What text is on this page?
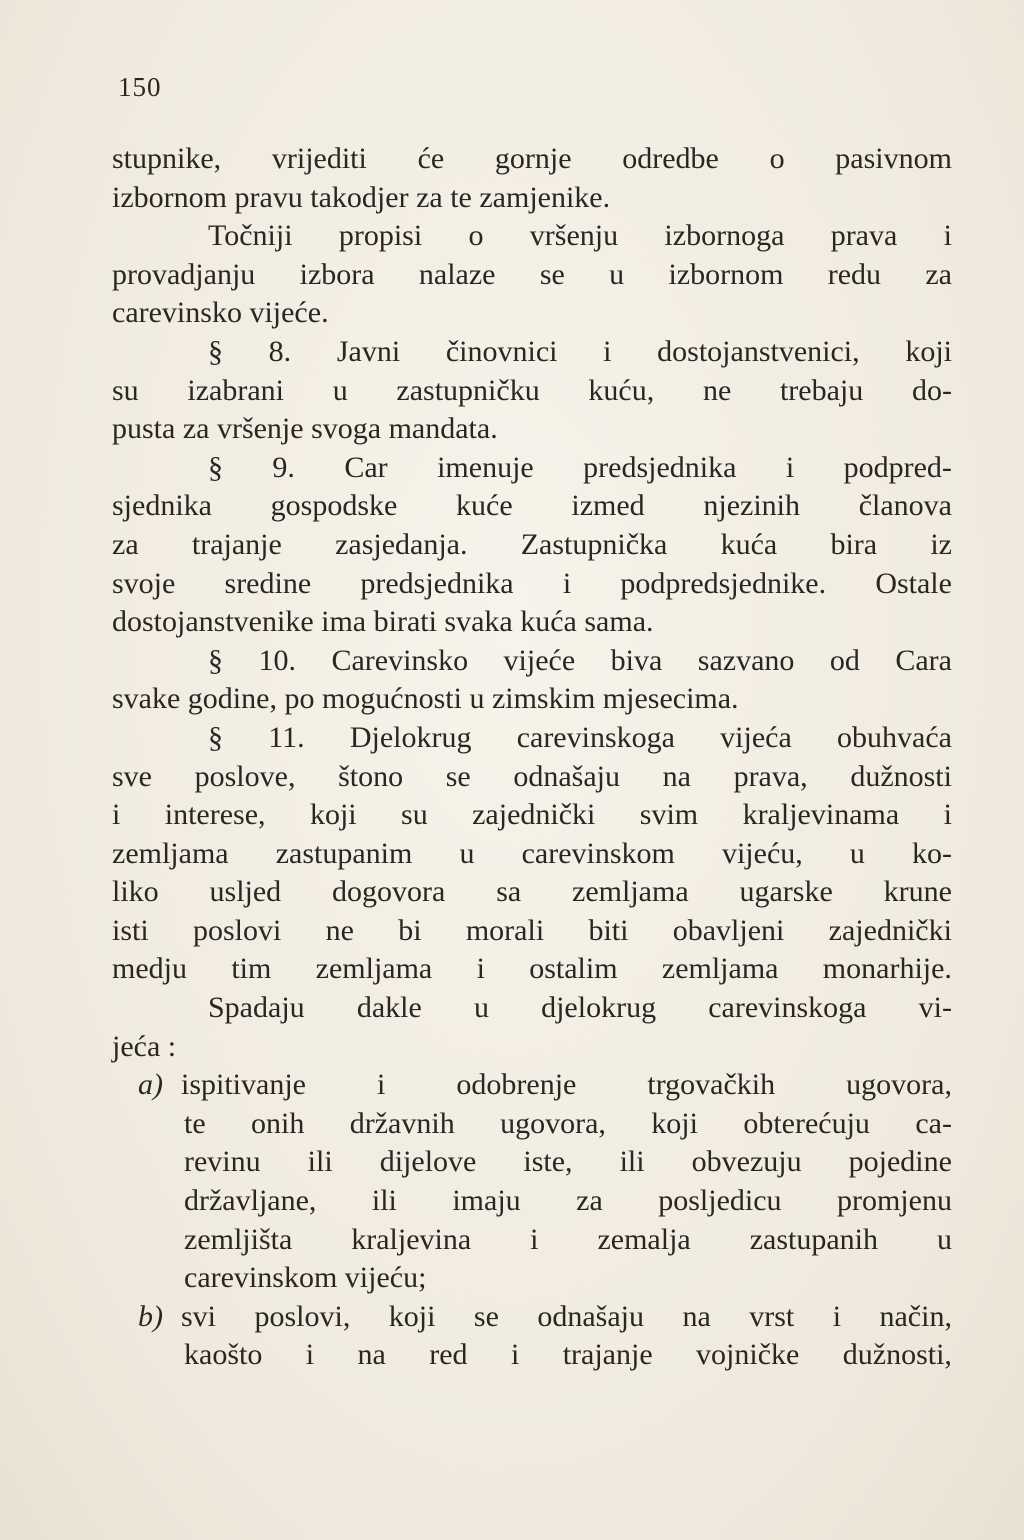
150
stupnike, vrijediti će gornje odredbe o pasivnom
izbornom pravu takodjer za te zamjenike.
Točniji propisi o vršenju izbornoga prava i
provadjanju izbora nalaze se u izbornom redu za
carevinsko vijeće.
§ 8. Javni činovnici i dostojanstvenici, koji
su izabrani u zastupničku kuću, ne trebaju do-
pusta za vršenje svoga mandata.
§ 9. Car imenuje predsjednika i podpred-
sjednika gospodske kuće izmed njezinih članova
za trajanje zasjedanja. Zastupnička kuća bira iz
svoje sredine predsjednika i podpredsjednike. Ostale
dostojanstvenike ima birati svaka kuća sama.
§ 10. Carevinsko vijeće biva sazvano od Cara
svake godine, po mogućnosti u zimskim mjesecima.
§ 11. Djelokrug carevinskoga vijeća obuhvaća
sve poslove, štono se odnašaju na prava, dužnosti
i interese, koji su zajednički svim kraljevinama i
zemljama zastupanim u carevinskom vijeću, u ko-
liko usljed dogovora sa zemljama ugarske krune
isti poslovi ne bi morali biti obavljeni zajednički
medju tim zemljama i ostalim zemljama monarhije.
Spadaju dakle u djelokrug carevinskoga vi-
jeća :
a) ispitivanje i odobrenje trgovačkih ugovora,
te onih državnih ugovora, koji obterećuju ca-
revinu ili dijelove iste, ili obvezuju pojedine
državljane, ili imaju za posljedicu promjenu
zemljišta kraljevina i zemalja zastupanih u
carevinskom vijeću;
b) svi poslovi, koji se odnašaju na vrst i način,
kaošto i na red i trajanje vojničke dužnosti,
